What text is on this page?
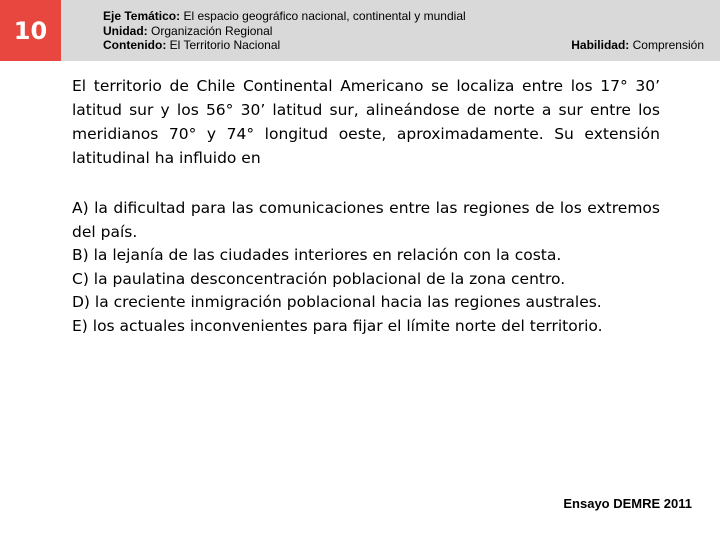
10
Eje Temático: El espacio geográfico nacional, continental y mundial
Unidad: Organización Regional
Contenido: El Territorio Nacional	Habilidad: Comprensión
El territorio de Chile Continental Americano se localiza entre los 17° 30’ latitud sur y los 56° 30’ latitud sur, alineándose de norte a sur entre los meridianos 70° y 74° longitud oeste, aproximadamente. Su extensión latitudinal ha influido en

A) la dificultad para las comunicaciones entre las regiones de los extremos del país.

B) la lejanía de las ciudades interiores en relación con la costa.

C) la paulatina desconcentración poblacional de la zona centro.

D) la creciente inmigración poblacional hacia las regiones australes.

E) los actuales inconvenientes para fijar el límite norte del territorio.

Ensayo DEMRE 2011
